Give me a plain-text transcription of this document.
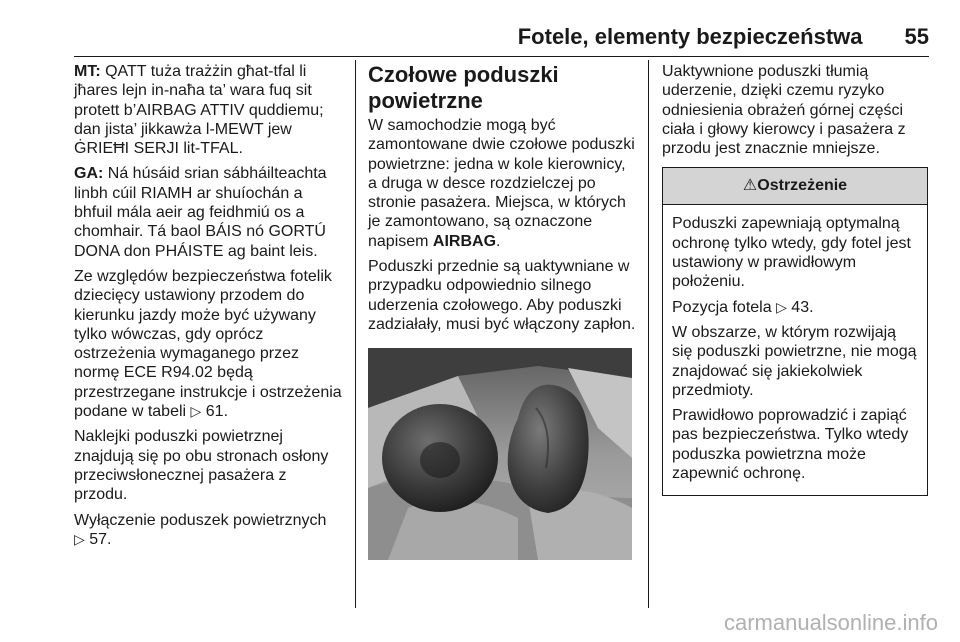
Fotele, elementy bezpieczeństwa 55

MT: QATT tuża trażżin għat-tfal li jħares lejn in-naħa ta’ wara fuq sit protett b’AIRBAG ATTIV quddiemu; dan jista’ jikkawża l-MEWT jew ĠRIEĦI SERJI lit-TFAL.

GA: Ná húsáid srian sábháilteachta linbh cúil RIAMH ar shuíochán a bhfuil mála aeir ag feidhmiú os a chomhair. Tá baol BÁIS nó GORTÚ DONA don PHÁISTE ag baint leis.

Ze względów bezpieczeństwa fotelik dziecięcy ustawiony przodem do kierunku jazdy może być używany tylko wówczas, gdy oprócz ostrzeżenia wymaganego przez normę ECE R94.02 będą przestrzegane instrukcje i ostrzeżenia podane w tabeli ▷ 61.

Naklejki poduszki powietrznej znajdują się po obu stronach osłony przeciwsłonecznej pasażera z przodu.

Wyłączenie poduszek powietrznych
▷ 57.

Czołowe poduszki powietrzne

W samochodzie mogą być zamontowane dwie czołowe poduszki powietrzne: jedna w kole kierownicy, a druga w desce rozdzielczej po stronie pasażera. Miejsca, w których je zamontowano, są oznaczone napisem AIRBAG.

Poduszki przednie są uaktywniane w przypadku odpowiednio silnego uderzenia czołowego. Aby poduszki zadziałały, musi być włączony zapłon.

Uaktywnione poduszki tłumią uderzenie, dzięki czemu ryzyko odniesienia obrażeń górnej części ciała i głowy kierowcy i pasażera z przodu jest znacznie mniejsze.

⚠Ostrzeżenie

Poduszki zapewniają optymalną ochronę tylko wtedy, gdy fotel jest ustawiony w prawidłowym położeniu.

Pozycja fotela ▷ 43.

W obszarze, w którym rozwijają się poduszki powietrzne, nie mogą znajdować się jakiekolwiek przedmioty.

Prawidłowo poprowadzić i zapiąć pas bezpieczeństwa. Tylko wtedy poduszka powietrzna może zapewnić ochronę.

carmanualsonline.info
